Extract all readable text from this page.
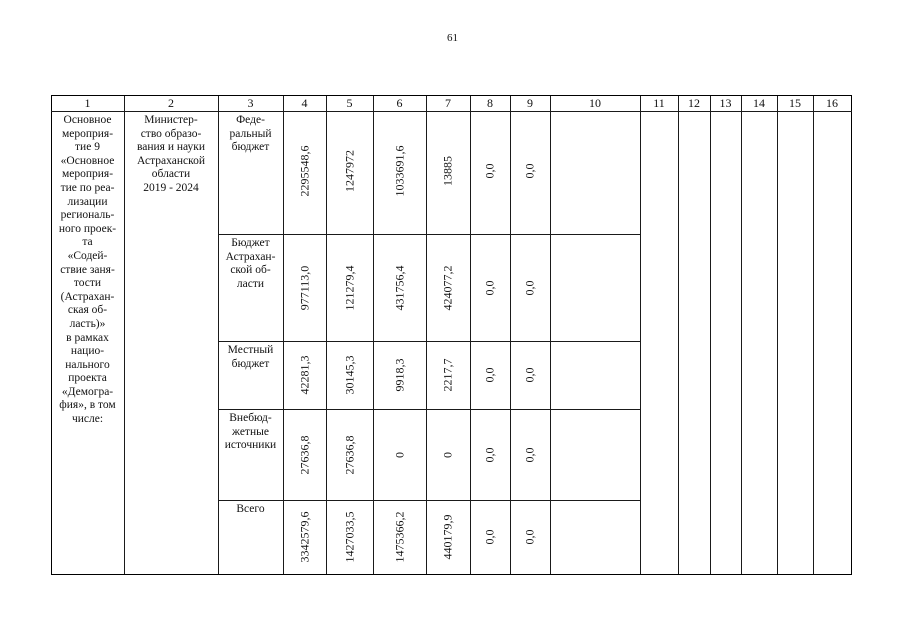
61
1	2	3	4	5	6	7	8	9	10	11	12	13	14	15	16
Основное
мероприя-
тие 9
«Основное
мероприя-
тие по реа-
лизации
региональ-
ного проек-
та
«Содей-
ствие заня-
тости
(Астрахан-
ская об-
ласть)»
в рамках
нацио-
нального
проекта
«Демогра-
фия», в том
числе:
Министер-
ство образо-
вания и науки
Астраханской
области
2019 - 2024
Феде-
ральный
бюджет	2295548,6	1247972	1033691,6	13885 0,0 0,0
Бюджет
Астрахан-
ской об-
ласти	977113,0	121279,4	431756,4	424077,2 0,0 0,0
Местный
бюджет	42281,3	30145,3	9918,3	2217,7 0,0 0,0
Внебюд-
жетные
источники	27636,8	27636,8	0	0 0,0 0,0
Всего
3342579,6	1427033,5	1475366,2	440179,9 0,0 0,0
